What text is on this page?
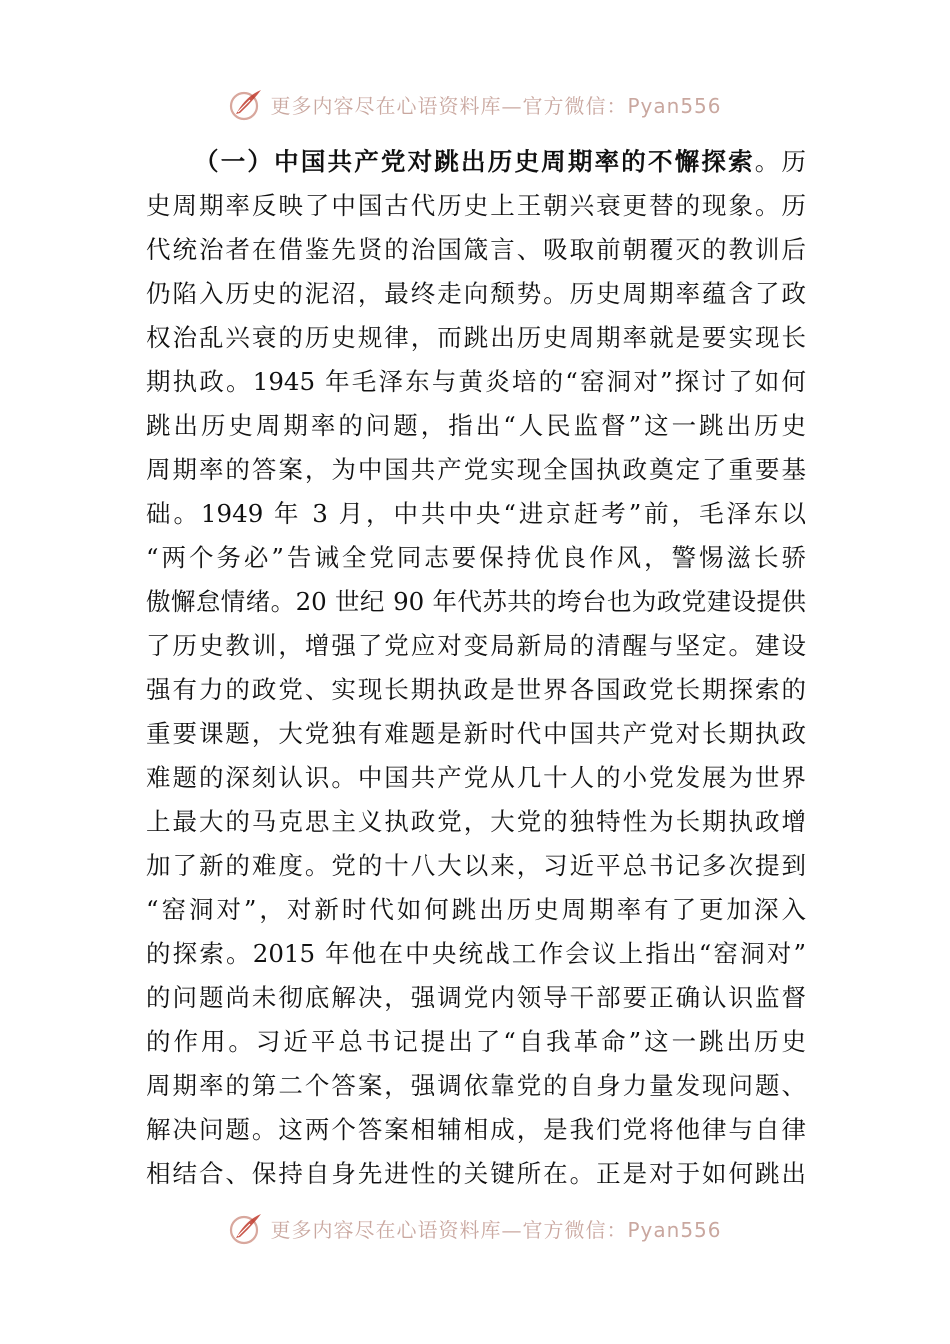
更多内容尽在心语资料库—官方微信：Pyan556
（一）中国共产党对跳出历史周期率的不懈探索。历
史周期率反映了中国古代历史上王朝兴衰更替的现象。历
代统治者在借鉴先贤的治国箴言、吸取前朝覆灭的教训后
仍陷入历史的泥沼，最终走向颓势。历史周期率蕴含了政
权治乱兴衰的历史规律，而跳出历史周期率就是要实现长
期执政。1945 年毛泽东与黄炎培的“窑洞对”探讨了如何
跳出历史周期率的问题，指出“人民监督”这一跳出历史
周期率的答案，为中国共产党实现全国执政奠定了重要基
础。1949 年 3 月，中共中央“进京赶考”前，毛泽东以
“两个务必”告诫全党同志要保持优良作风，警惕滋长骄
傲懈怠情绪。20 世纪 90 年代苏共的垮台也为政党建设提供
了历史教训，增强了党应对变局新局的清醒与坚定。建设
强有力的政党、实现长期执政是世界各国政党长期探索的
重要课题，大党独有难题是新时代中国共产党对长期执政
难题的深刻认识。中国共产党从几十人的小党发展为世界
上最大的马克思主义执政党，大党的独特性为长期执政增
加了新的难度。党的十八大以来，习近平总书记多次提到
“窑洞对”，对新时代如何跳出历史周期率有了更加深入
的探索。2015 年他在中央统战工作会议上指出“窑洞对”
的问题尚未彻底解决，强调党内领导干部要正确认识监督
的作用。习近平总书记提出了“自我革命”这一跳出历史
周期率的第二个答案，强调依靠党的自身力量发现问题、
解决问题。这两个答案相辅相成，是我们党将他律与自律
相结合、保持自身先进性的关键所在。正是对于如何跳出
更多内容尽在心语资料库—官方微信：Pyan556
